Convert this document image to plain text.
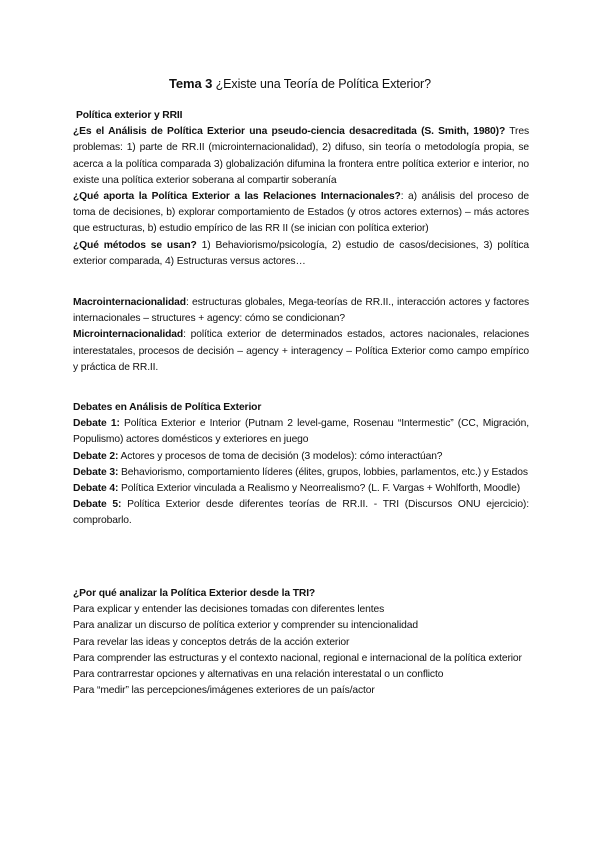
Tema 3 ¿Existe una Teoría de Política Exterior?

Política exterior y RRII

¿Es el Análisis de Política Exterior una pseudo-ciencia desacreditada (S. Smith, 1980)? Tres problemas: 1) parte de RR.II (microinternacionalidad), 2) difuso, sin teoría o metodología propia, se acerca a la política comparada 3) globalización difumina la frontera entre política exterior e interior, no existe una política exterior soberana al compartir soberanía

¿Qué aporta la Política Exterior a las Relaciones Internacionales?: a) análisis del proceso de toma de decisiones, b) explorar comportamiento de Estados (y otros actores externos) – más actores que estructuras, b) estudio empírico de las RR II (se inician con política exterior)

¿Qué métodos se usan? 1) Behaviorismo/psicología, 2) estudio de casos/decisiones, 3) política exterior comparada, 4) Estructuras versus actores…

Macrointernacionalidad: estructuras globales, Mega-teorías de RR.II., interacción actores y factores internacionales – structures + agency: cómo se condicionan?

Microinternacionalidad: política exterior de determinados estados, actores nacionales, relaciones interestatales, procesos de decisión – agency + interagency – Política Exterior como campo empírico y práctica de RR.II.

Debates en Análisis de Política Exterior

Debate 1: Política Exterior e Interior (Putnam 2 level-game, Rosenau “Intermestic” (CC, Migración, Populismo) actores domésticos y exteriores en juego

Debate 2: Actores y procesos de toma de decisión (3 modelos): cómo interactúan?

Debate 3: Behaviorismo, comportamiento líderes (élites, grupos, lobbies, parlamentos, etc.) y Estados

Debate 4: Política Exterior vinculada a Realismo y Neorrealismo? (L. F. Vargas + Wohlforth, Moodle)

Debate 5: Política Exterior desde diferentes teorías de RR.II. - TRI (Discursos ONU ejercicio): comprobarlo.

¿Por qué analizar la Política Exterior desde la TRI?

Para explicar y entender las decisiones tomadas con diferentes lentes

Para analizar un discurso de política exterior y comprender su intencionalidad

Para revelar las ideas y conceptos detrás de la acción exterior

Para comprender las estructuras y el contexto nacional, regional e internacional de la política exterior

Para contrarrestar opciones y alternativas en una relación interestatal o un conflicto

Para “medir” las percepciones/imágenes exteriores de un país/actor
